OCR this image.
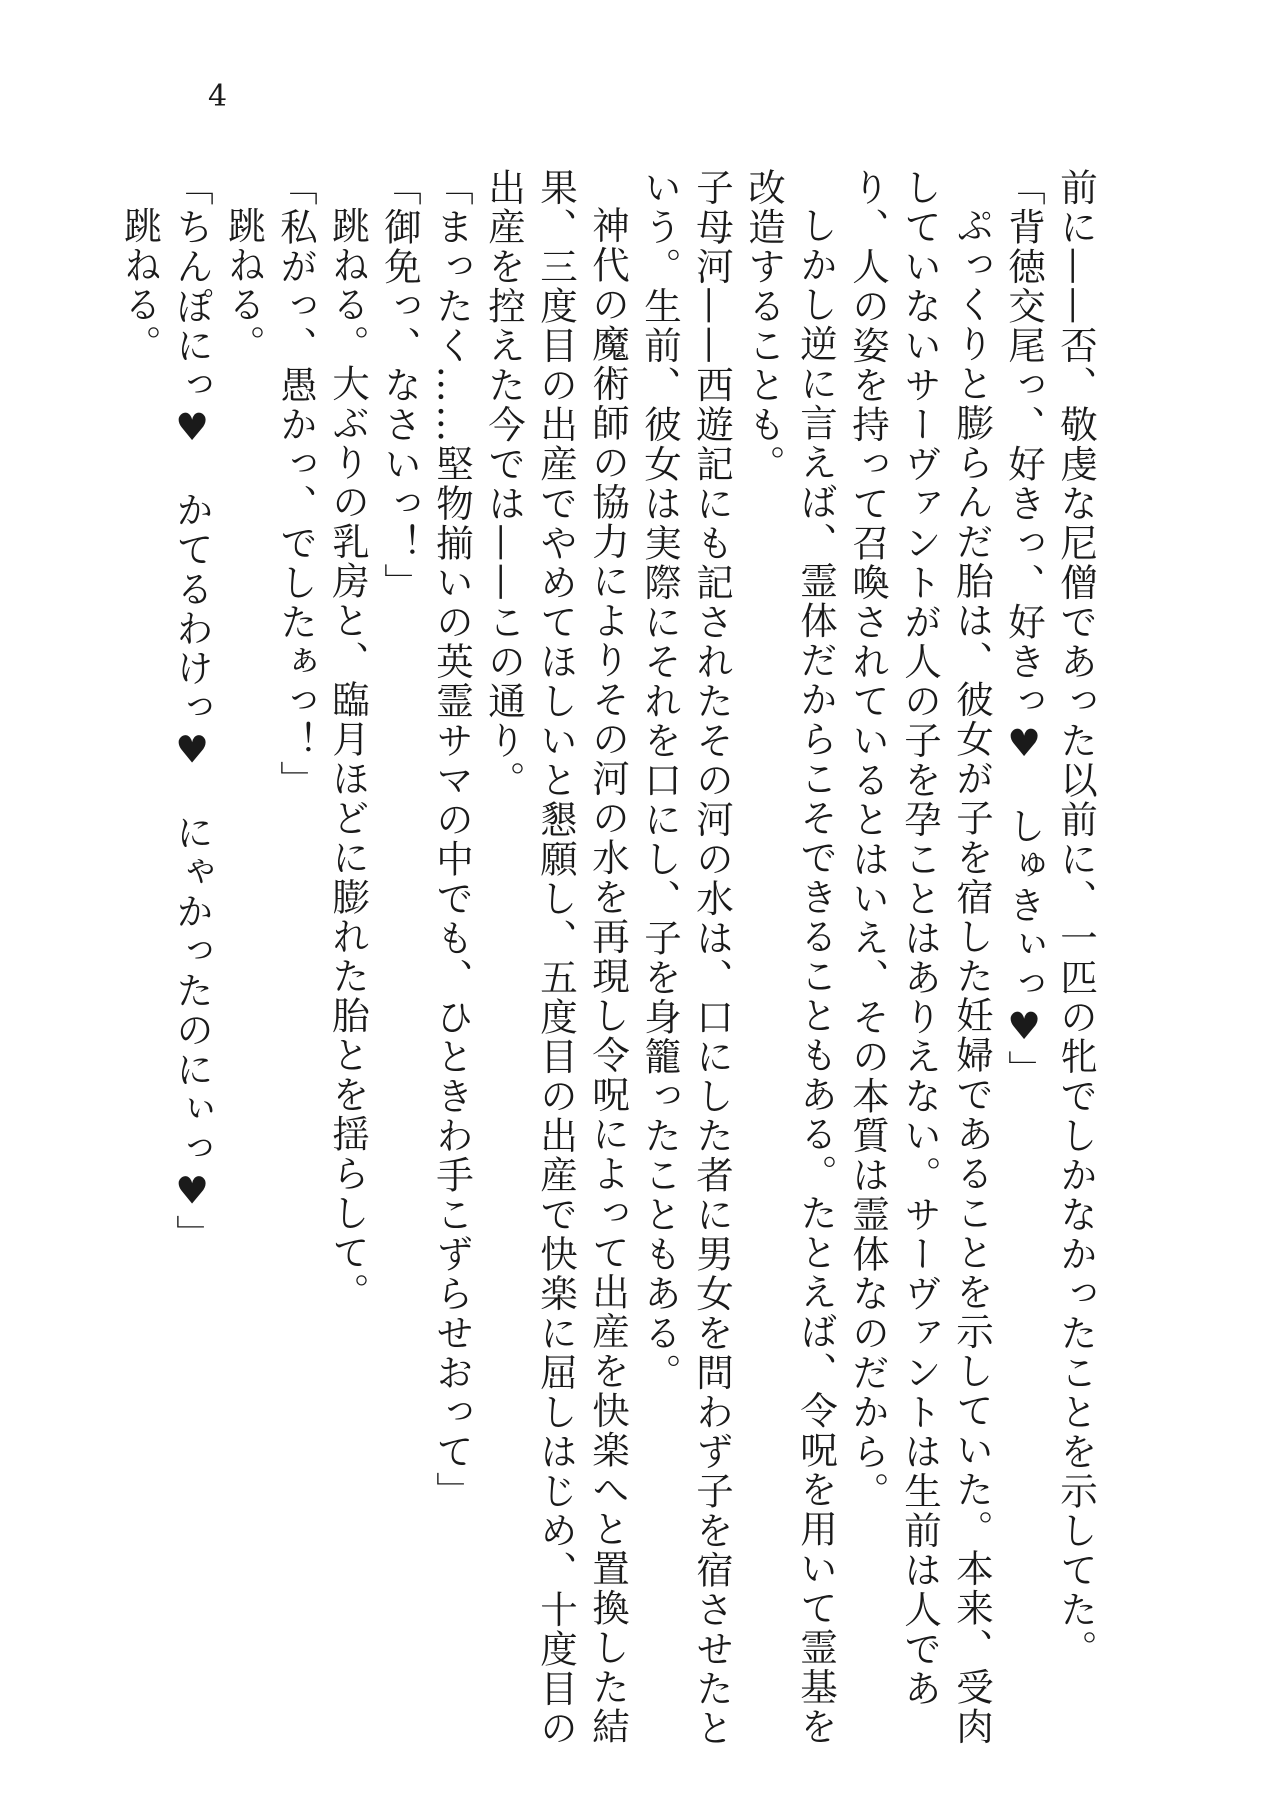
4

前に——否、敬虔な尼僧であった以前に、一匹の牝でしかなかったことを示してた。

「背徳交尾っ、好きっ、好きっ♥　しゅきぃっ♥」

ぷっくりと膨らんだ胎は、彼女が子を宿した妊婦であることを示していた。本来、受肉していないサーヴァントが人の子を孕ことはありえない。サーヴァントは生前は人であり、人の姿を持って召喚されているとはいえ、その本質は霊体なのだから。

しかし逆に言えば、霊体だからこそできることもある。たとえば、令呪を用いて霊基を改造することも。

子母河——西遊記にも記されたその河の水は、口にした者に男女を問わず子を宿させたという。生前、彼女は実際にそれを口にし、子を身籠ったこともある。

神代の魔術師の協力によりその河の水を再現し令呪によって出産を快楽へと置換した結果、三度目の出産でやめてほしいと懇願し、五度目の出産で快楽に屈しはじめ、十度目の出産を控えた今では——この通り。

「まったく……堅物揃いの英霊サマの中でも、ひときわ手こずらせおって」

「御免っ、なさいっ！」

跳ねる。大ぶりの乳房と、臨月ほどに膨れた胎とを揺らして。

「私がっ、愚かっ、でしたぁっ！」

跳ねる。

「ちんぽにっ♥　かてるわけっ♥　にゃかったのにぃっ♥」

跳ねる。
